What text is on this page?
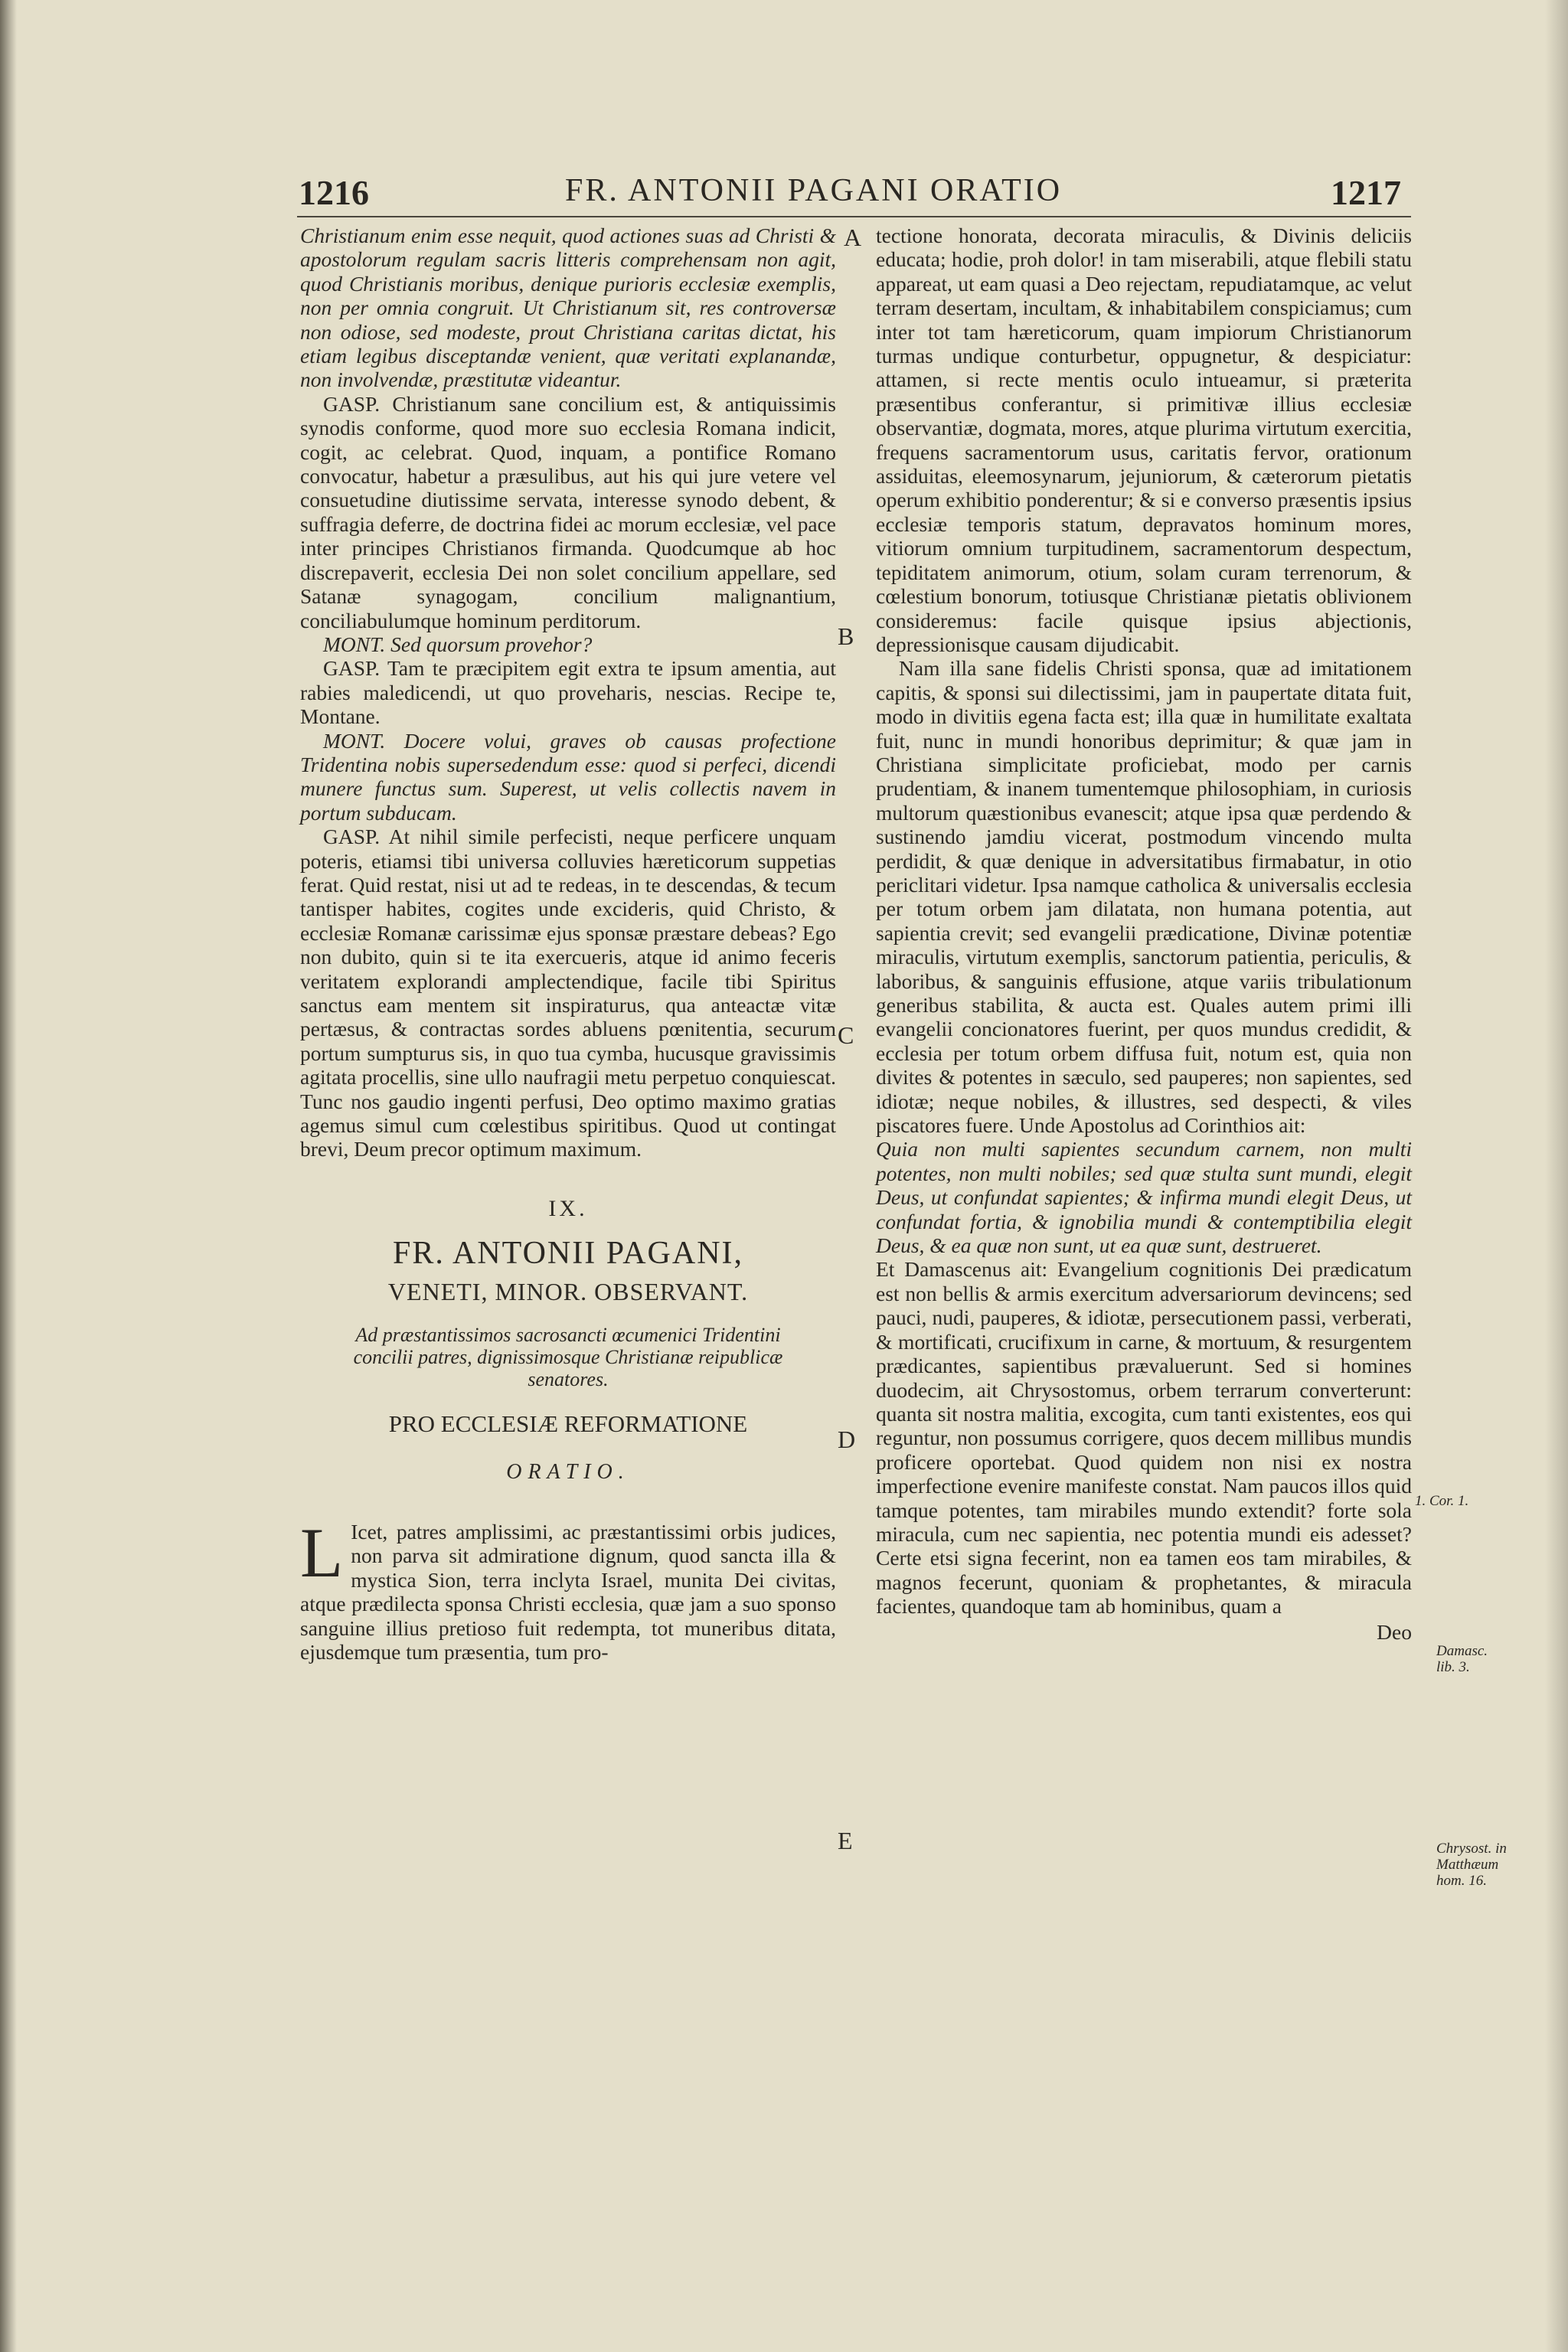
1216	FR. ANTONII PAGANI ORATIO	1217

Christianum enim esse nequit, quod actiones suas ad Christi & apostolorum regulam sacris litteris comprehensam non agit, quod Christianis moribus, denique purioris ecclesiæ exemplis, non per omnia congruit. Ut Christianum sit, res controversæ non odiose, sed modeste, prout Christiana caritas dictat, his etiam legibus disceptandæ venient, quæ veritati explanandæ, non involvendæ, præstitutæ videantur.

GASP. Christianum sane concilium est, & antiquissimis synodis conforme, quod more suo ecclesia Romana indicit, cogit, ac celebrat. Quod, inquam, a pontifice Romano convocatur, habetur a præsulibus, aut his qui jure vetere vel consuetudine diutissime servata, interesse synodo debent, & suffragia deferre, de doctrina fidei ac morum ecclesiæ, vel pace inter principes Christianos firmanda. Quodcumque ab hoc discrepaverit, ecclesia Dei non solet concilium appellare, sed Satanæ synagogam, concilium malignantium, conciliabulumque hominum perditorum.

MONT. Sed quorsum provehor?

GASP. Tam te præcipitem egit extra te ipsum amentia, aut rabies maledicendi, ut quo proveharis, nescias. Recipe te, Montane.

MONT. Docere volui, graves ob causas profectione Tridentina nobis supersedendum esse: quod si perfeci, dicendi munere functus sum. Superest, ut velis collectis navem in portum subducam.

GASP. At nihil simile perfecisti, neque perficere unquam poteris, etiamsi tibi universa colluvies hæreticorum suppetias ferat. Quid restat, nisi ut ad te redeas, in te descendas, & tecum tantisper habites, cogites unde excideris, quid Christo, & ecclesiæ Romanæ carissimæ ejus sponsæ præstare debeas? Ego non dubito, quin si te ita exercueris, atque id animo feceris veritatem explorandi amplectendique, facile tibi Spiritus sanctus eam mentem sit inspiraturus, qua anteactæ vitæ pertæsus, & contractas sordes abluens pœnitentia, securum portum sumpturus sis, in quo tua cymba, hucusque gravissimis agitata procellis, sine ullo naufragii metu perpetuo conquiescat. Tunc nos gaudio ingenti perfusi, Deo optimo maximo gratias agemus simul cum cœlestibus spiritibus. Quod ut contingat brevi, Deum precor optimum maximum.

IX.
FR. ANTONII PAGANI,
VENETI, MINOR. OBSERVANT.
Ad præstantissimos sacrosancti œcumenici Tridentini concilii patres, dignissimosque Christianæ reipublicæ senatores.
PRO ECCLESIÆ REFORMATIONE
ORATIO.

L Icet, patres amplissimi, ac præstantissimi orbis judices, non parva sit admiratione dignum, quod sancta illa & mystica Sion, terra inclyta Israel, munita Dei civitas, atque prædilecta sponsa Christi ecclesia, quæ jam a suo sponso sanguine illius pretioso fuit redempta, tot muneribus ditata, ejusdemque tum præsentia, tum pro-

A
B
C
D
E

tectione honorata, decorata miraculis, & Divinis deliciis educata; hodie, proh dolor! in tam miserabili, atque flebili statu appareat, ut eam quasi a Deo rejectam, repudiatamque, ac velut terram desertam, incultam, & inhabitabilem conspiciamus; cum inter tot tam hæreticorum, quam impiorum Christianorum turmas undique conturbetur, oppugnetur, & despiciatur: attamen, si recte mentis oculo intueamur, si præterita præsentibus conferantur, si primitivæ illius ecclesiæ observantiæ, dogmata, mores, atque plurima virtutum exercitia, frequens sacramentorum usus, caritatis fervor, orationum assiduitas, eleemosynarum, jejuniorum, & cæterorum pietatis operum exhibitio ponderentur; & si e converso præsentis ipsius ecclesiæ temporis statum, depravatos hominum mores, vitiorum omnium turpitudinem, sacramentorum despectum, tepiditatem animorum, otium, solam curam terrenorum, & cœlestium bonorum, totiusque Christianæ pietatis oblivionem consideremus: facile quisque ipsius abjectionis, depressionisque causam dijudicabit.

Nam illa sane fidelis Christi sponsa, quæ ad imitationem capitis, & sponsi sui dilectissimi, jam in paupertate ditata fuit, modo in divitiis egena facta est; illa quæ in humilitate exaltata fuit, nunc in mundi honoribus deprimitur; & quæ jam in Christiana simplicitate proficiebat, modo per carnis prudentiam, & inanem tumentemque philosophiam, in curiosis multorum quæstionibus evanescit; atque ipsa quæ perdendo & sustinendo jamdiu vicerat, postmodum vincendo multa perdidit, & quæ denique in adversitatibus firmabatur, in otio periclitari videtur. Ipsa namque catholica & universalis ecclesia per totum orbem jam dilatata, non humana potentia, aut sapientia crevit; sed evangelii prædicatione, Divinæ potentiæ miraculis, virtutum exemplis, sanctorum patientia, periculis, & laboribus, & sanguinis effusione, atque variis tribulationum generibus stabilita, & aucta est. Quales autem primi illi evangelii concionatores fuerint, per quos mundus credidit, & ecclesia per totum orbem diffusa fuit, notum est, quia non divites & potentes in sæculo, sed pauperes; non sapientes, sed idiotæ; neque nobiles, & illustres, sed despecti, & viles piscatores fuere. Unde Apostolus ad Corinthios ait:

Quia non multi sapientes secundum carnem, non multi potentes, non multi nobiles; sed quæ stulta sunt mundi, elegit Deus, ut confundat sapientes; & infirma mundi elegit Deus, ut confundat fortia, & ignobilia mundi & contemptibilia elegit Deus, & ea quæ non sunt, ut ea quæ sunt, destrueret.

Et Damascenus ait: Evangelium cognitionis Dei prædicatum est non bellis & armis exercitum adversariorum devincens; sed pauci, nudi, pauperes, & idiotæ, persecutionem passi, verberati, & mortificati, crucifixum in carne, & mortuum, & resurgentem prædicantes, sapientibus prævaluerunt. Sed si homines duodecim, ait Chrysostomus, orbem terrarum converterunt: quanta sit nostra malitia, excogita, cum tanti existentes, eos qui reguntur, non possumus corrigere, quos decem millibus mundis proficere oportebat. Quod quidem non nisi ex nostra imperfectione evenire manifeste constat. Nam paucos illos quid tamque potentes, tam mirabiles mundo extendit? forte sola miracula, cum nec sapientia, nec potentia mundi eis adesset? Certe etsi signa fecerint, non ea tamen eos tam mirabiles, & magnos fecerunt, quoniam & prophetantes, & miracula facientes, quandoque tam ab hominibus, quam a

Deo

1. Cor. 1.
Damasc. lib. 3.
Chrysost. in Matthæum hom. 16.
